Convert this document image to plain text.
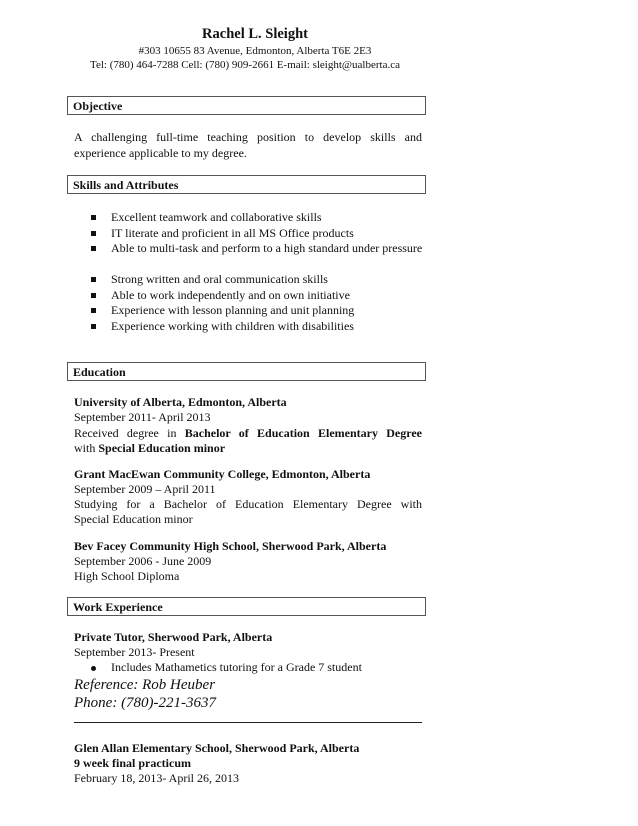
Rachel L. Sleight
#303 10655 83 Avenue, Edmonton, Alberta T6E 2E3
Tel: (780) 464-7288 Cell: (780) 909-2661 E-mail: sleight@ualberta.ca
Objective
A challenging full-time teaching position to develop skills and
experience applicable to my degree.
Skills and Attributes
Excellent teamwork and collaborative skills
IT literate and proficient in all MS Office products
Able to multi-task and perform to a high standard under pressure
Strong written and oral communication skills
Able to work independently and on own initiative
Experience with lesson planning and unit planning
Experience working with children with disabilities
Education
University of Alberta, Edmonton, Alberta
September 2011- April 2013
Received degree in Bachelor of Education Elementary Degree
with Special Education minor
Grant MacEwan Community College, Edmonton, Alberta
September 2009 – April 2011
Studying for a Bachelor of Education Elementary Degree with
Special Education minor
Bev Facey Community High School, Sherwood Park, Alberta
September 2006 - June 2009
High School Diploma
Work Experience
Private Tutor, Sherwood Park, Alberta
September 2013- Present
Includes Mathametics tutoring for a Grade 7 student
Reference: Rob Heuber
Phone: (780)-221-3637
Glen Allan Elementary School, Sherwood Park, Alberta
9 week final practicum
February 18, 2013- April 26, 2013
